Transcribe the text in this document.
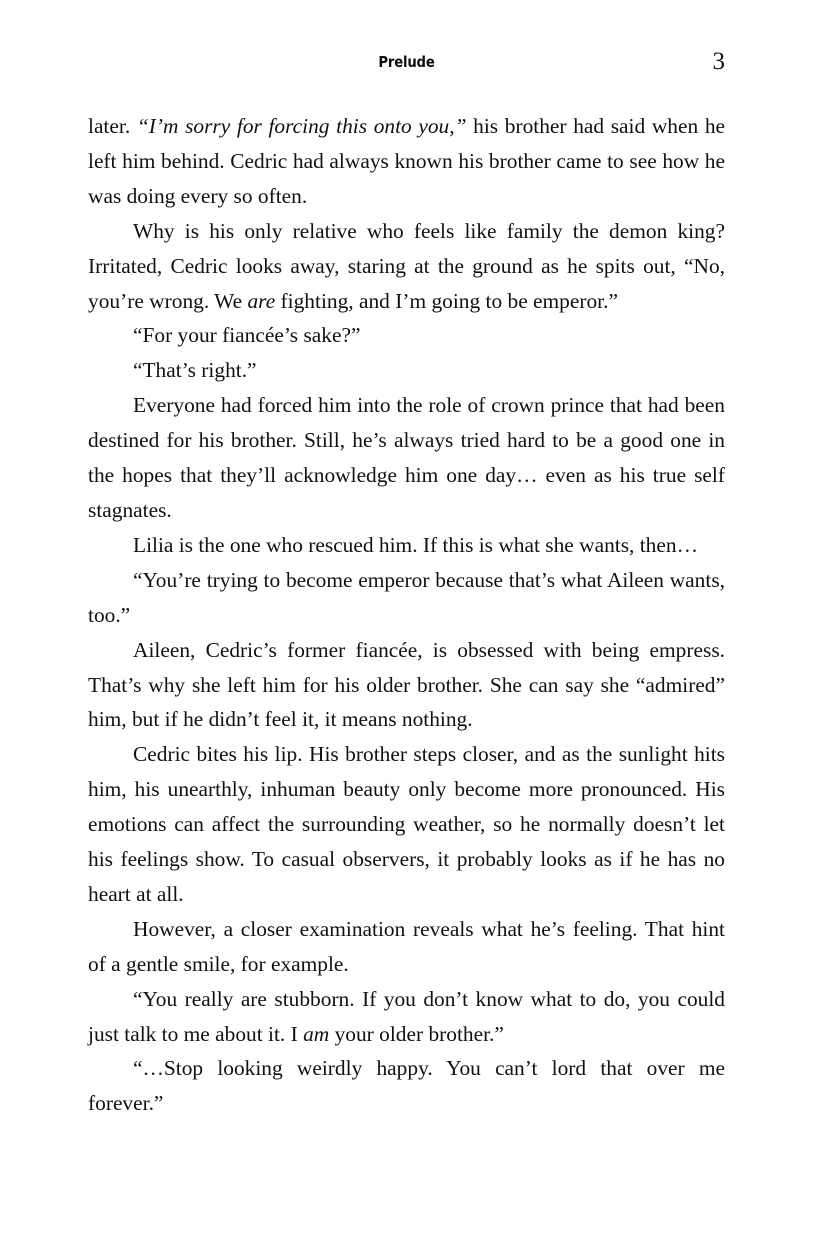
Prelude	3

later. “I’m sorry for forcing this onto you,” his brother had said when he left him behind. Cedric had always known his brother came to see how he was doing every so often.

Why is his only relative who feels like family the demon king? Irritated, Cedric looks away, staring at the ground as he spits out, “No, you’re wrong. We are fighting, and I’m going to be emperor.”

“For your fiancée’s sake?”

“That’s right.”

Everyone had forced him into the role of crown prince that had been destined for his brother. Still, he’s always tried hard to be a good one in the hopes that they’ll acknowledge him one day… even as his true self stagnates.

Lilia is the one who rescued him. If this is what she wants, then…

“You’re trying to become emperor because that’s what Aileen wants, too.”

Aileen, Cedric’s former fiancée, is obsessed with being empress. That’s why she left him for his older brother. She can say she “admired” him, but if he didn’t feel it, it means nothing.

Cedric bites his lip. His brother steps closer, and as the sunlight hits him, his unearthly, inhuman beauty only become more pronounced. His emotions can affect the surrounding weather, so he normally doesn’t let his feelings show. To casual observers, it probably looks as if he has no heart at all.

However, a closer examination reveals what he’s feeling. That hint of a gentle smile, for example.

“You really are stubborn. If you don’t know what to do, you could just talk to me about it. I am your older brother.”

“…Stop looking weirdly happy. You can’t lord that over me forever.”
